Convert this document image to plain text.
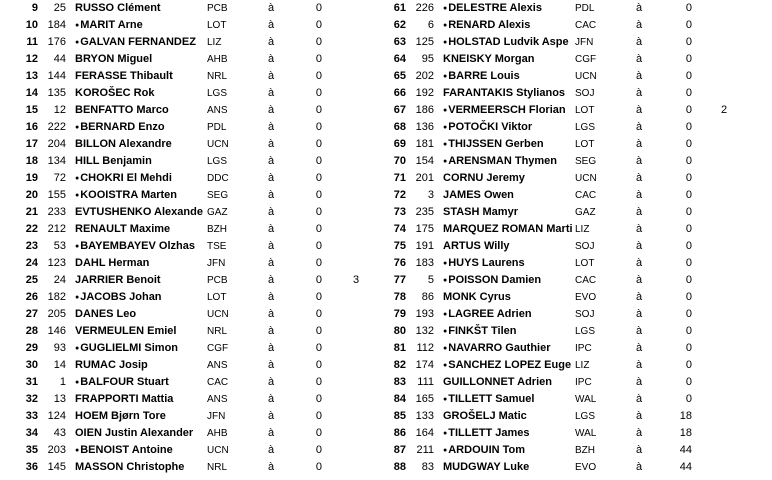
9	25 RUSSO Clément	PCB	à	0
10 184	● MARIT Arne	LOT	à	0
11 176	● GALVAN FERNANDEZ	LIZ	à	0
12	44 BRYON Miguel	AHB	à	0
13 144 FERASSE Thibault	NRL	à	0
14 135 KOROŠEC Rok	LGS	à	0
15	12 BENFATTO Marco	ANS	à	0
16 222	● BERNARD Enzo	PDL	à	0
17 204 BILLON Alexandre	UCN	à	0
18 134 HILL Benjamin	LGS	à	0
19	72	● CHOKRI El Mehdi	DDC	à	0
20 155	● KOOISTRA Marten	SEG	à	0
21 233 EVTUSHENKO Alexande GAZ	à	0
22 212 RENAULT Maxime	BZH	à	0
23	53	● BAYEMBAYEV Olzhas	TSE	à	0
24 123 DAHL Herman	JFN	à	0
25	24 JARRIER Benoit	PCB	à	0	3
26 182	● JACOBS Johan	LOT	à	0
27 205 DANES Leo	UCN	à	0
28 146 VERMEULEN Emiel	NRL	à	0
29	93	● GUGLIELMI Simon	CGF	à	0
30	14 RUMAC Josip	ANS	à	0
31	1	● BALFOUR Stuart	CAC	à	0
32	13 FRAPPORTI Mattia	ANS	à	0
33 124 HOEM Bjørn Tore	JFN	à	0
34	43 OIEN Justin Alexander	AHB	à	0
35 203	● BENOIST Antoine	UCN	à	0
36 145 MASSON Christophe	NRL	à	0
61 226	● DELESTRE Alexis	PDL	à	0
62	6	● RENARD Alexis	CAC	à	0
63 125	● HOLSTAD Ludvik Aspe JFN	à	0
64	95 KNEISKY Morgan	CGF	à	0
65 202	● BARRE Louis	UCN	à	0
66 192 FARANTAKIS Stylianos SOJ	à	0
67 186	● VERMEERSCH Florian LOT	à	0	2
68 136	● POTOČKI Viktor	LGS	à	0
69 181	● THIJSSEN Gerben	LOT	à	0
70 154	● ARENSMAN Thymen	SEG	à	0
71 201 CORNU Jeremy	UCN	à	0
72	3 JAMES Owen	CAC	à	0
73 235 STASH Mamyr	GAZ	à	0
74 175 MARQUEZ ROMAN Marti LIZ	à	0
75 191 ARTUS Willy	SOJ	à	0
76 183	● HUYS Laurens	LOT	à	0
77	5	● POISSON Damien	CAC	à	0
78	86 MONK Cyrus	EVO	à	0
79 193	● LAGREE Adrien	SOJ	à	0
80 132	● FINKŠT Tilen	LGS	à	0
81 112	● NAVARRO Gauthier	IPC	à	0
82 174	● SANCHEZ LOPEZ Euge LIZ	à	0
83	111 GUILLONNET Adrien	IPC	à	0
84 165	● TILLETT Samuel	WAL	à	0
85 133 GROŠELJ Matic	LGS	à	18
86 164	● TILLETT James	WAL	à	18
87 211	● ARDOUIN Tom	BZH	à	44
88	83 MUDGWAY Luke	EVO	à	44
